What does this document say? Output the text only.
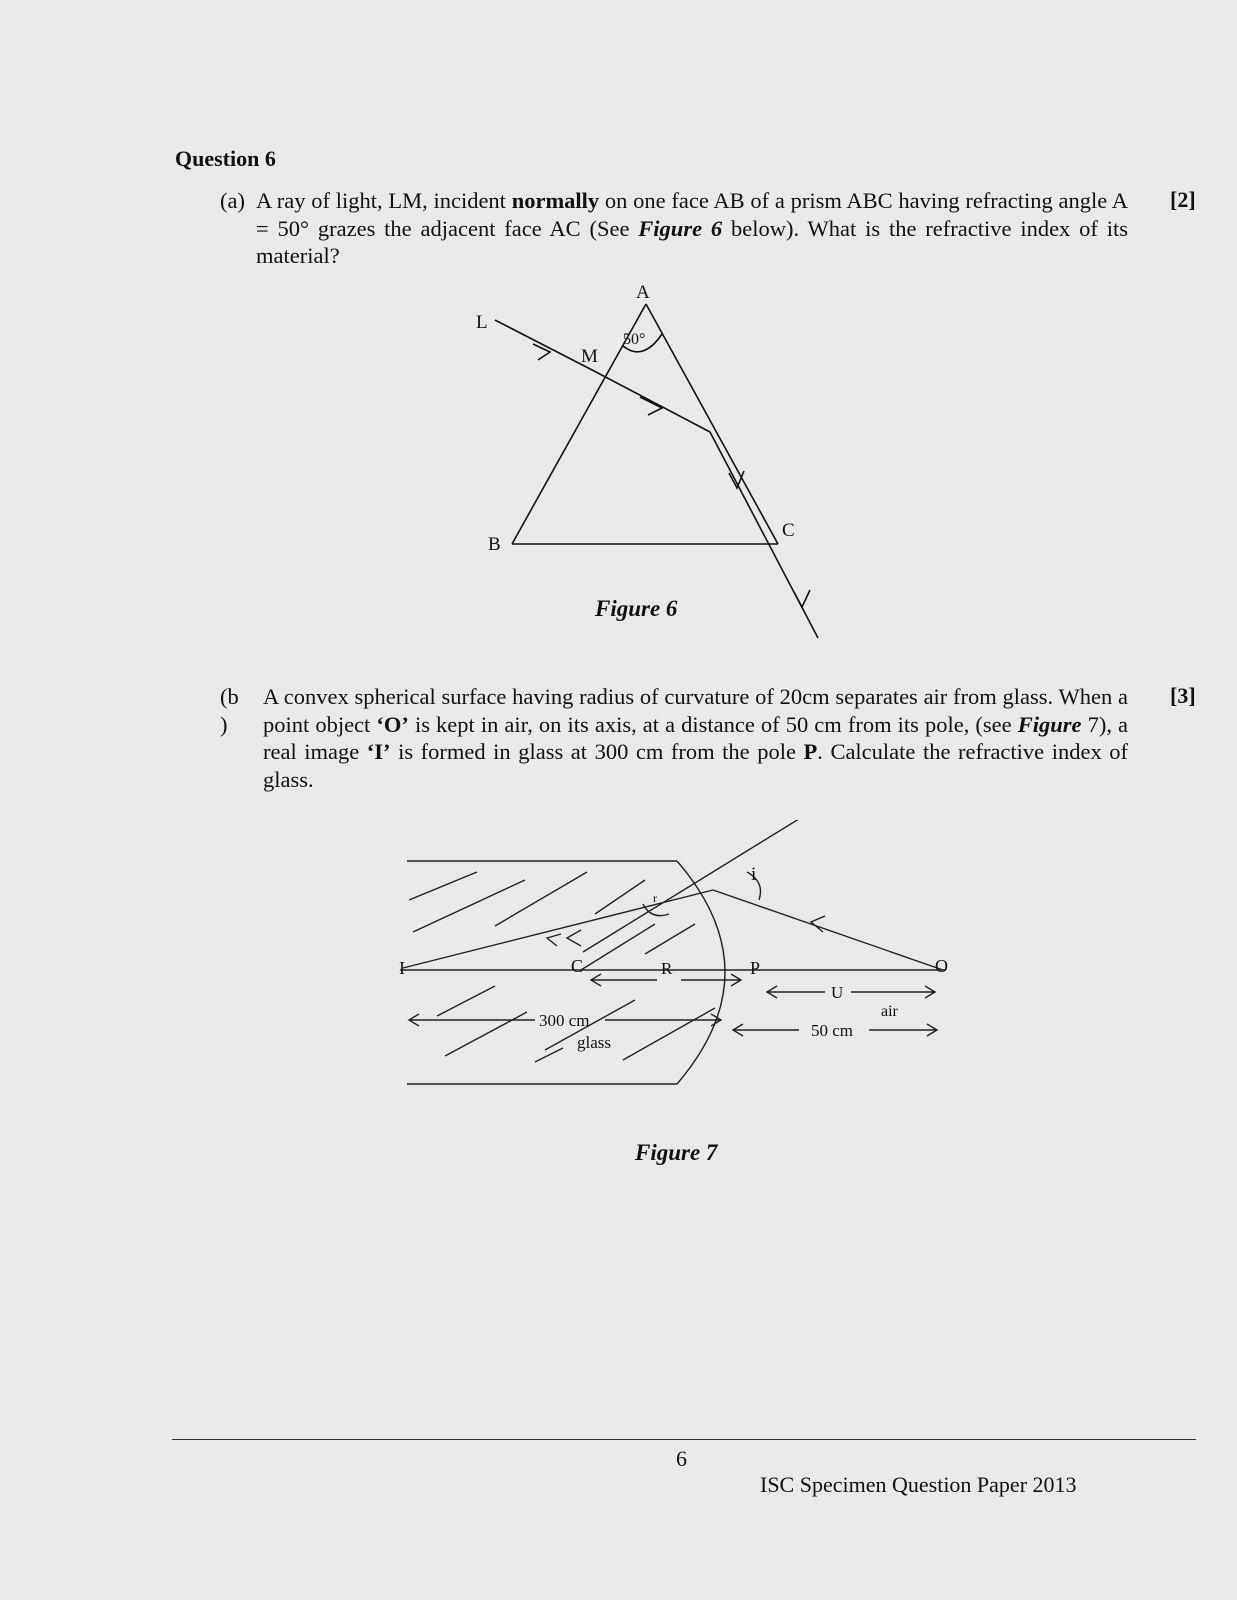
Question 6
(a) A ray of light, LM, incident normally on one face AB of a prism ABC having refracting angle A = 50° grazes the adjacent face AC (See Figure 6 below). What is the refractive index of its material?
[2]
A
L
M
50°
B
C
Figure 6
(b )
A convex spherical surface having radius of curvature of 20cm separates air from glass. When a point object ‘O’ is kept in air, on its axis, at a distance of 50 cm from its pole, (see Figure 7), a real image ‘I’ is formed in glass at 300 cm from the pole P. Calculate the refractive index of glass.
[3]
I	C	R	P	O
U
i
r
300 cm
glass
air
50 cm
Figure 7
6
ISC Specimen Question Paper 2013
